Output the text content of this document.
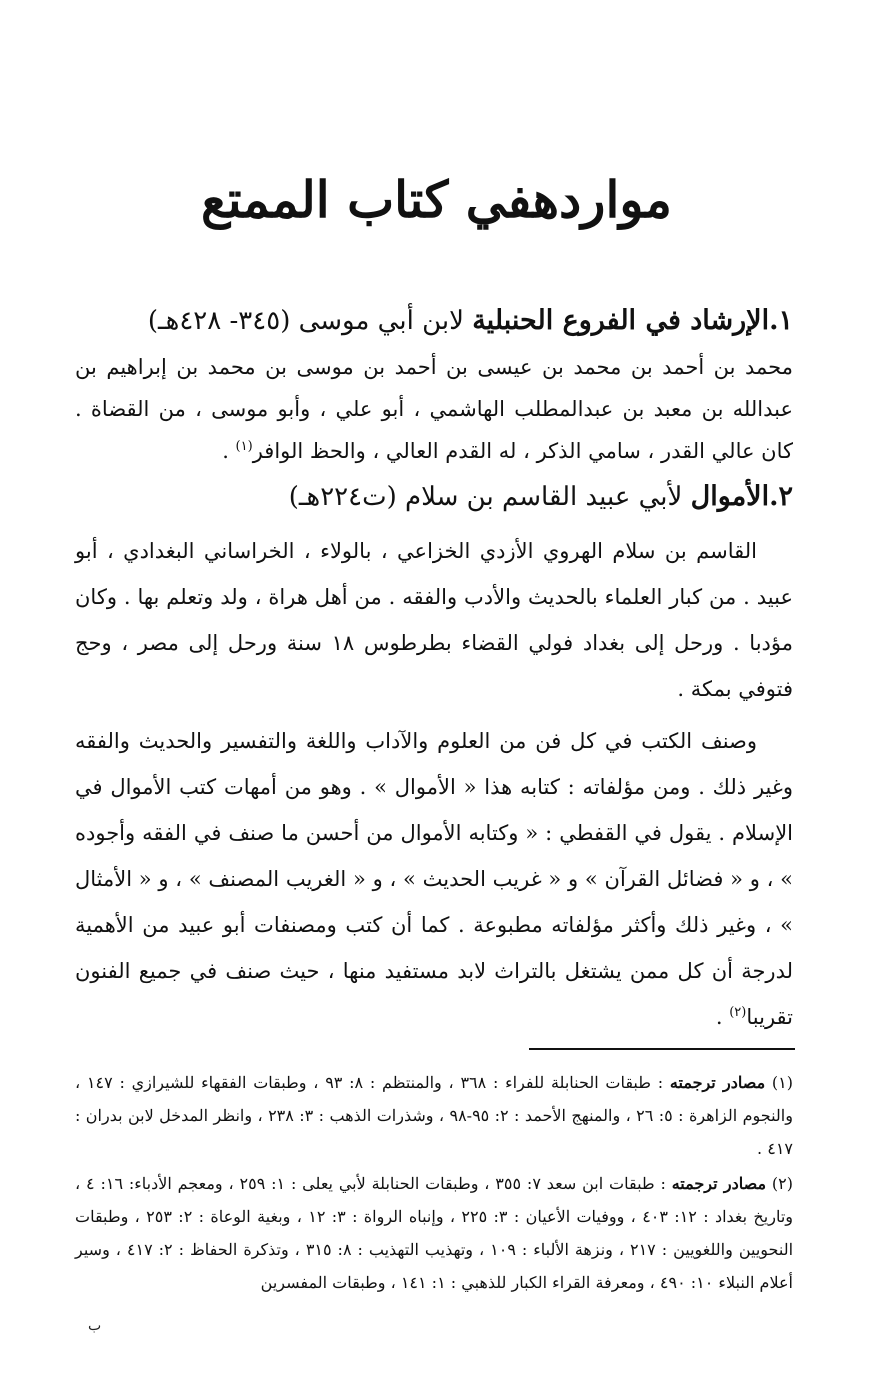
مواردهفي كتاب الممتع

١.الإرشاد في الفروع الحنبلية لابن أبي موسى (٣٤٥- ٤٢٨هـ)

محمد بن أحمد بن محمد بن عيسى بن أحمد بن موسى بن محمد بن إبراهيم بن عبدالله بن معبد بن عبدالمطلب الهاشمي ، أبو علي ، وأبو موسى ، من القضاة . كان عالي القدر ، سامي الذكر ، له القدم العالي ، والحظ الوافر$^{(١)}$ .

٢.الأموال لأبي عبيد القاسم بن سلام (ت٢٢٤هـ)

القاسم بن سلام الهروي الأزدي الخزاعي ، بالولاء ، الخراساني البغدادي ، أبو عبيد . من كبار العلماء بالحديث والأدب والفقه . من أهل هراة ، ولد وتعلم بها . وكان مؤدبا . ورحل إلى بغداد فولي القضاء بطرطوس ١٨ سنة ورحل إلى مصر ، وحج فتوفي بمكة .

وصنف الكتب في كل فن من العلوم والآداب واللغة والتفسير والحديث والفقه وغير ذلك . ومن مؤلفاته : كتابه هذا « الأموال » . وهو من أمهات كتب الأموال في الإسلام . يقول في القفطي : « وكتابه الأموال من أحسن ما صنف في الفقه وأجوده » ، و « فضائل القرآن » و « غريب الحديث » ، و « الغريب المصنف » ، و « الأمثال » ، وغير ذلك وأكثر مؤلفاته مطبوعة . كما أن كتب ومصنفات أبو عبيد من الأهمية لدرجة أن كل ممن يشتغل بالتراث لابد مستفيد منها ، حيث صنف في جميع الفنون تقريبا$^{(٢)}$ .

(١) مصادر ترجمته : طبقات الحنابلة للفراء : ٣٦٨ ، والمنتظم : ٨: ٩٣ ، وطبقات الفقهاء للشيرازي : ١٤٧ ، والنجوم الزاهرة : ٥: ٢٦ ، والمنهج الأحمد : ٢: ٩٥-٩٨ ، وشذرات الذهب : ٣: ٢٣٨ ، وانظر المدخل لابن بدران : ٤١٧ .

(٢) مصادر ترجمته : طبقات ابن سعد ٧: ٣٥٥ ، وطبقات الحنابلة لأبي يعلى : ١: ٢٥٩ ، ومعجم الأدباء: ١٦: ٤ ، وتاريخ بغداد : ١٢: ٤٠٣ ، ووفيات الأعيان : ٣: ٢٢٥ ، وإنباه الرواة : ٣: ١٢ ، وبغية الوعاة : ٢: ٢٥٣ ، وطبقات النحويين واللغويين : ٢١٧ ، ونزهة الألباء : ١٠٩ ، وتهذيب التهذيب : ٨: ٣١٥ ، وتذكرة الحفاظ : ٢: ٤١٧ ، وسير أعلام النبلاء ١٠: ٤٩٠ ، ومعرفة القراء الكبار للذهبي : ١: ١٤١ ، وطبقات المفسرين

ب
